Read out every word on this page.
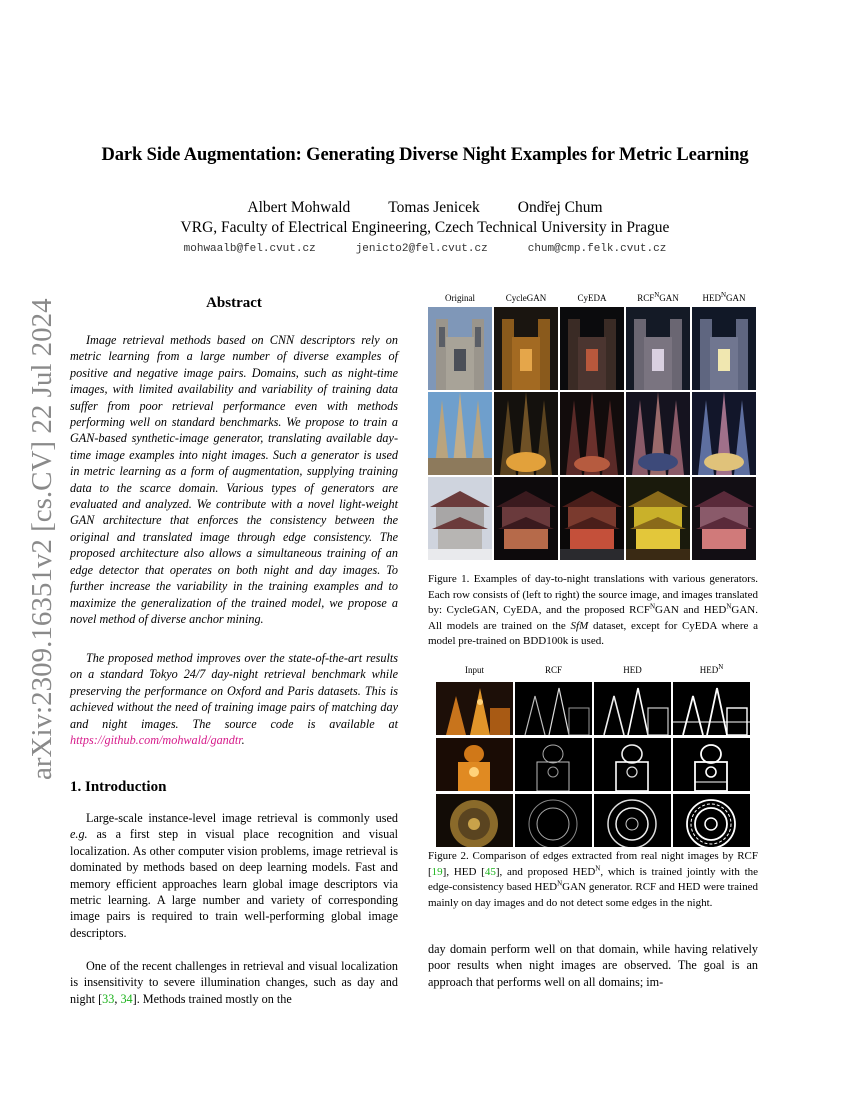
Dark Side Augmentation: Generating Diverse Night Examples for Metric Learning
Albert Mohwald Tomas Jenicek Ondřej Chum
VRG, Faculty of Electrical Engineering, Czech Technical University in Prague
mohwaalb@fel.cvut.cz	jenicto2@fel.cvut.cz	chum@cmp.felk.cvut.cz
arXiv:2309.16351v2 [cs.CV] 22 Jul 2024	Abstract
Image retrieval methods based on CNN descriptors rely on metric learning from a large number of diverse examples of positive and negative image pairs. Domains, such as night-time images, with limited availability and variability of training data suffer from poor retrieval performance even with methods performing well on standard benchmarks. We propose to train a GAN-based synthetic-image generator, translating available day-time image examples into night images. Such a generator is used in metric learning as a form of augmentation, supplying training data to the scarce domain. Various types of generators are evaluated and analyzed. We contribute with a novel light-weight GAN architecture that enforces the consistency between the original and translated image through edge consistency. The proposed architecture also allows a simultaneous training of an edge detector that operates on both night and day images. To further increase the variability in the training examples and to maximize the generalization of the trained model, we propose a novel method of diverse anchor mining.
The proposed method improves over the state-of-the-art results on a standard Tokyo 24/7 day-night retrieval benchmark while preserving the performance on Oxford and Paris datasets. This is achieved without the need of training image pairs of matching day and night images. The source code is available at https://github.com/mohwald/gandtr.
1. Introduction
Large-scale instance-level image retrieval is commonly used e.g. as a first step in visual place recognition and visual localization. As other computer vision problems, image retrieval is dominated by methods based on deep learning models. Fast and memory efficient approaches learn global image descriptors via metric learning. A large number and variety of corresponding image pairs is required to train well-performing global image descriptors.
One of the recent challenges in retrieval and visual localization is insensitivity to severe illumination changes, such as day and night [33, 34]. Methods trained mostly on the
Original	CycleGAN	CyEDA	$RCF^NGAN$	$HED^NGAN$
Figure 1. Examples of day-to-night translations with various generators. Each row consists of (left to right) the source image, and images translated by: CycleGAN, CyEDA, and the proposed $RCF^NGAN$ and $HED^NGAN$. All models are trained on the SfM dataset, except for CyEDA where a model pre-trained on BDD100k is used.
Input	RCF	HED	$HED^N$
Figure 2. Comparison of edges extracted from real night images by RCF [19], HED [45], and proposed $HED^N$, which is trained jointly with the edge-consistency based $HED^NGAN$ generator. RCF and HED were trained mainly on day images and do not detect some edges in the night.
day domain perform well on that domain, while having relatively poor results when night images are observed. The goal is an approach that performs well on all domains; im-
